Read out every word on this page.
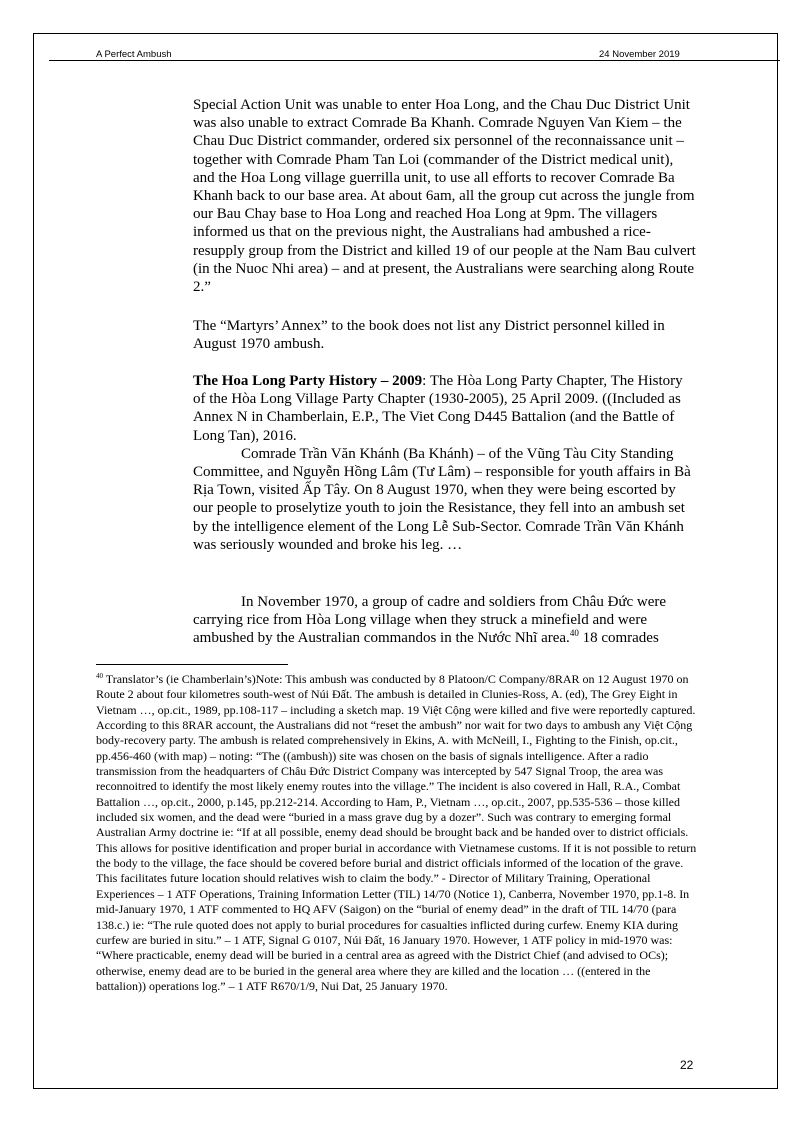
A Perfect Ambush	24 November 2019

Special Action Unit was unable to enter Hoa Long, and the Chau Duc District Unit was also unable to extract Comrade Ba Khanh. Comrade Nguyen Van Kiem – the Chau Duc District commander, ordered six personnel of the reconnaissance unit – together with Comrade Pham Tan Loi (commander of the District medical unit), and the Hoa Long village guerrilla unit, to use all efforts to recover Comrade Ba Khanh back to our base area. At about 6am, all the group cut across the jungle from our Bau Chay base to Hoa Long and reached Hoa Long at 9pm. The villagers informed us that on the previous night, the Australians had ambushed a rice-resupply group from the District and killed 19 of our people at the Nam Bau culvert (in the Nuoc Nhi area) – and at present, the Australians were searching along Route 2.”

The “Martyrs’ Annex” to the book does not list any District personnel killed in August 1970 ambush.

The Hoa Long Party History – 2009: The Hòa Long Party Chapter, The History of the Hòa Long Village Party Chapter (1930-2005), 25 April 2009. ((Included as Annex N in Chamberlain, E.P., The Viet Cong D445 Battalion (and the Battle of Long Tan), 2016.

Comrade Trần Văn Khánh (Ba Khánh) – of the Vũng Tàu City Standing Committee, and Nguyễn Hồng Lâm (Tư Lâm) – responsible for youth affairs in Bà Rịa Town, visited Ấp Tây. On 8 August 1970, when they were being escorted by our people to proselytize youth to join the Resistance, they fell into an ambush set by the intelligence element of the Long Lễ Sub-Sector. Comrade Trần Văn Khánh was seriously wounded and broke his leg. …

In November 1970, a group of cadre and soldiers from Châu Đức were carrying rice from Hòa Long village when they struck a minefield and were ambushed by the Australian commandos in the Nước Nhĩ area.$^{40}$ 18 comrades

$^{40}$ Translator’s (ie Chamberlain’s)Note: This ambush was conducted by 8 Platoon/C Company/8RAR on 12 August 1970 on Route 2 about four kilometres south-west of Núi Đất. The ambush is detailed in Clunies-Ross, A. (ed), The Grey Eight in Vietnam …, op.cit., 1989, pp.108-117 – including a sketch map. 19 Việt Cộng were killed and five were reportedly captured. According to this 8RAR account, the Australians did not “reset the ambush” nor wait for two days to ambush any Việt Cộng body-recovery party. The ambush is related comprehensively in Ekins, A. with McNeill, I., Fighting to the Finish, op.cit., pp.456-460 (with map) – noting: “The ((ambush)) site was chosen on the basis of signals intelligence. After a radio transmission from the headquarters of Châu Đức District Company was intercepted by 547 Signal Troop, the area was reconnoitred to identify the most likely enemy routes into the village.” The incident is also covered in Hall, R.A., Combat Battalion …, op.cit., 2000, p.145, pp.212-214. According to Ham, P., Vietnam …, op.cit., 2007, pp.535-536 – those killed included six women, and the dead were “buried in a mass grave dug by a dozer”. Such was contrary to emerging formal Australian Army doctrine ie: “If at all possible, enemy dead should be brought back and be handed over to district officials. This allows for positive identification and proper burial in accordance with Vietnamese customs. If it is not possible to return the body to the village, the face should be covered before burial and district officials informed of the location of the grave. This facilitates future location should relatives wish to claim the body.” - Director of Military Training, Operational Experiences – 1 ATF Operations, Training Information Letter (TIL) 14/70 (Notice 1), Canberra, November 1970, pp.1-8. In mid-January 1970, 1 ATF commented to HQ AFV (Saigon) on the “burial of enemy dead” in the draft of TIL 14/70 (para 138.c.) ie: “The rule quoted does not apply to burial procedures for casualties inflicted during curfew. Enemy KIA during curfew are buried in situ.” – 1 ATF, Signal G 0107, Núi Đất, 16 January 1970. However, 1 ATF policy in mid-1970 was: “Where practicable, enemy dead will be buried in a central area as agreed with the District Chief (and advised to OCs); otherwise, enemy dead are to be buried in the general area where they are killed and the location … ((entered in the battalion)) operations log.” – 1 ATF R670/1/9, Nui Dat, 25 January 1970.
22
